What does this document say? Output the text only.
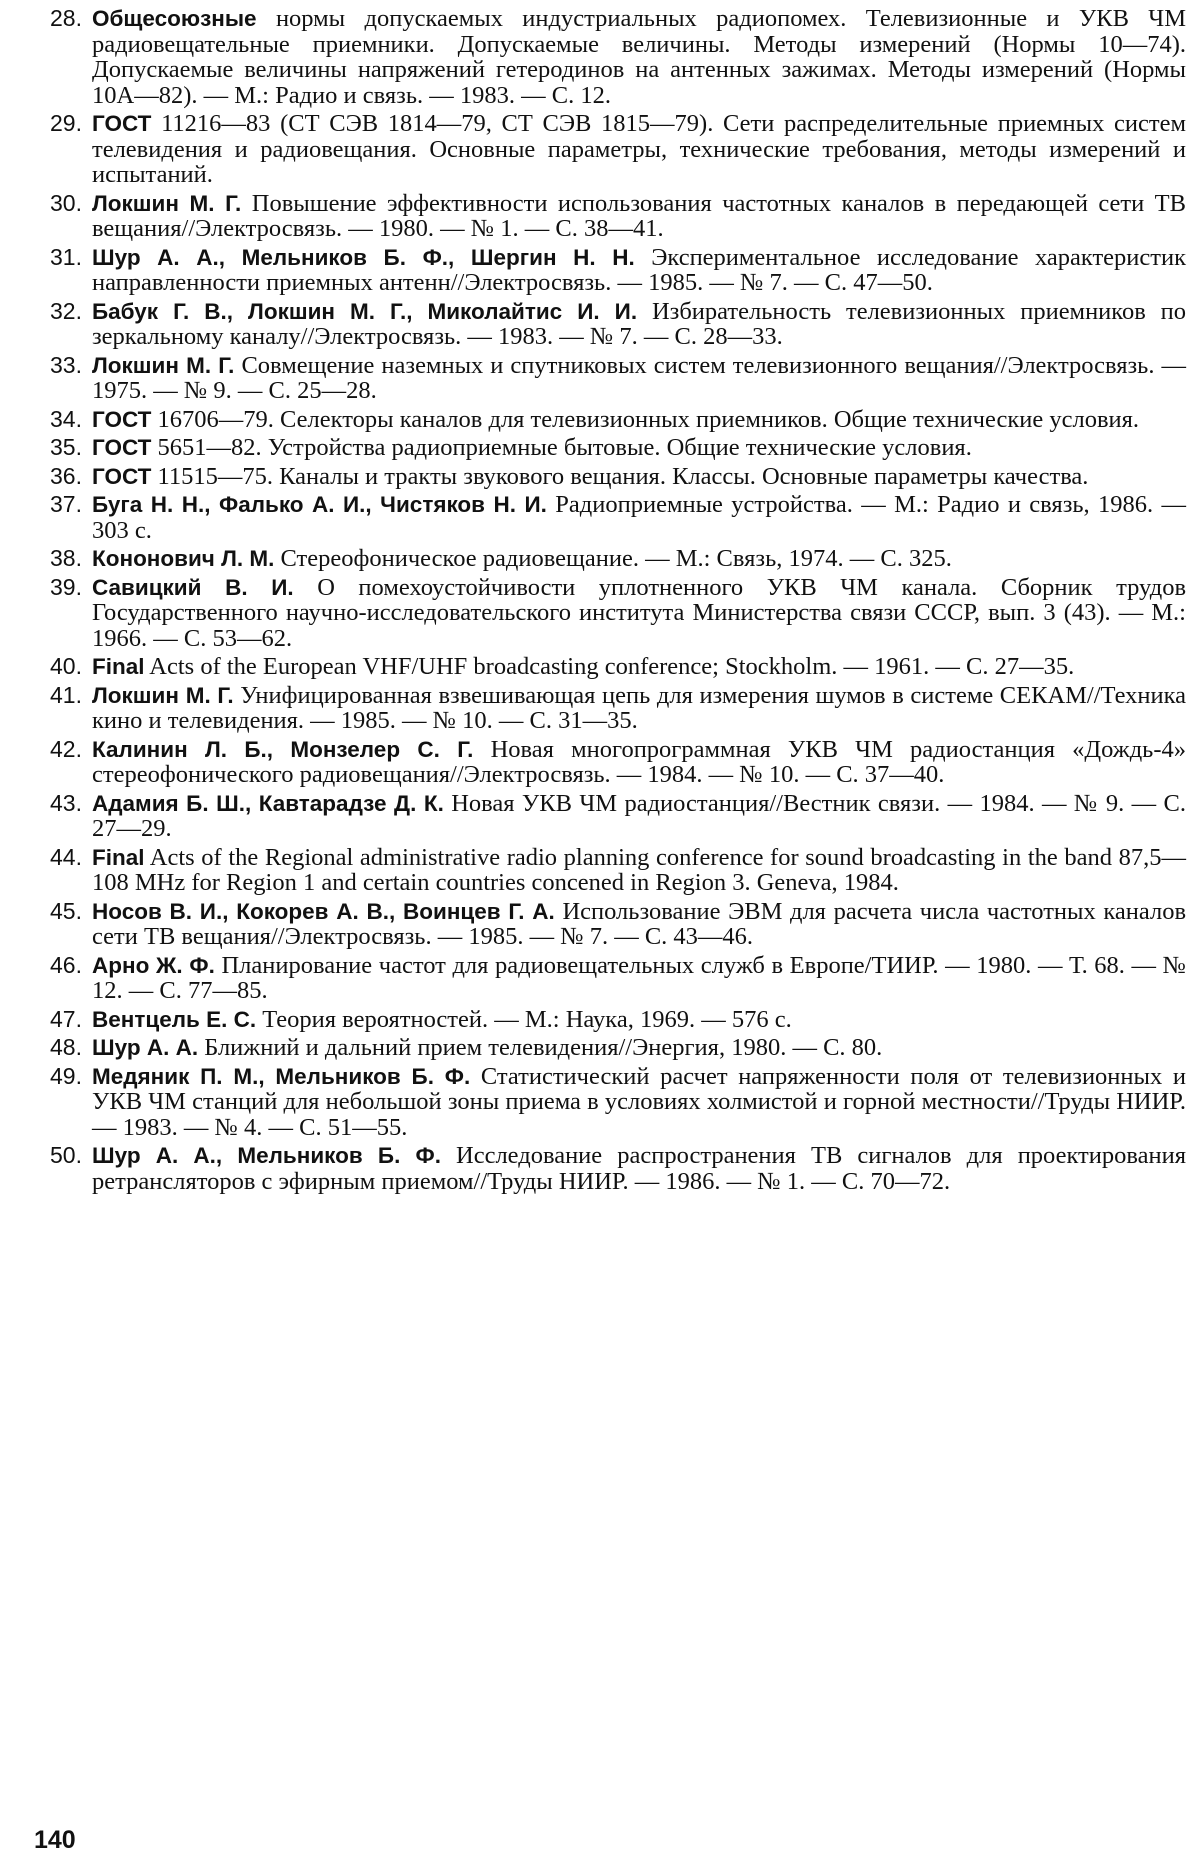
28. Общесоюзные нормы допускаемых индустриальных радиопомех. Телевизионные и УКВ ЧМ радиовещательные приемники. Допускаемые величины. Методы измерений (Нормы 10—74). Допускаемые величины напряжений гетеродинов на антенных зажимах. Методы измерений (Нормы 10А—82). — М.: Радио и связь. — 1983. — С. 12.
29. ГОСТ 11216—83 (СТ СЭВ 1814—79, СТ СЭВ 1815—79). Сети распределительные приемных систем телевидения и радиовещания. Основные параметры, технические требования, методы измерений и испытаний.
30. Локшин М. Г. Повышение эффективности использования частотных каналов в передающей сети ТВ вещания//Электросвязь. — 1980. — № 1. — С. 38—41.
31. Шур А. А., Мельников Б. Ф., Шергин Н. Н. Экспериментальное исследование характеристик направленности приемных антенн//Электросвязь. — 1985. — № 7. — С. 47—50.
32. Бабук Г. В., Локшин М. Г., Миколайтис И. И. Избирательность телевизионных приемников по зеркальному каналу//Электросвязь. — 1983. — № 7. — С. 28—33.
33. Локшин М. Г. Совмещение наземных и спутниковых систем телевизионного вещания//Электросвязь. — 1975. — № 9. — С. 25—28.
34. ГОСТ 16706—79. Селекторы каналов для телевизионных приемников. Общие технические условия.
35. ГОСТ 5651—82. Устройства радиоприемные бытовые. Общие технические условия.
36. ГОСТ 11515—75. Каналы и тракты звукового вещания. Классы. Основные параметры качества.
37. Буга Н. Н., Фалько А. И., Чистяков Н. И. Радиоприемные устройства. — М.: Радио и связь, 1986. — 303 с.
38. Кононович Л. М. Стереофоническое радиовещание. — М.: Связь, 1974. — С. 325.
39. Савицкий В. И. О помехоустойчивости уплотненного УКВ ЧМ канала. Сборник трудов Государственного научно-исследовательского института Министерства связи СССР, вып. 3 (43). — М.: 1966. — С. 53—62.
40. Final Acts of the European VHF/UHF broadcasting conference; Stockholm. — 1961. — С. 27—35.
41. Локшин М. Г. Унифицированная взвешивающая цепь для измерения шумов в системе СЕКАМ//Техника кино и телевидения. — 1985. — № 10. — С. 31—35.
42. Калинин Л. Б., Монзелер С. Г. Новая многопрограммная УКВ ЧМ радиостанция «Дождь-4» стереофонического радиовещания//Электросвязь. — 1984. — № 10. — С. 37—40.
43. Адамия Б. Ш., Кавтарадзе Д. К. Новая УКВ ЧМ радиостанция//Вестник связи. — 1984. — № 9. — С. 27—29.
44. Final Acts of the Regional administrative radio planning conference for sound broadcasting in the band 87,5—108 MHz for Region 1 and certain countries concened in Region 3. Geneva, 1984.
45. Носов В. И., Кокорев А. В., Воинцев Г. А. Использование ЭВМ для расчета числа частотных каналов сети ТВ вещания//Электросвязь. — 1985. — № 7. — С. 43—46.
46. Арно Ж. Ф. Планирование частот для радиовещательных служб в Европе/ТИИР. — 1980. — Т. 68. — № 12. — С. 77—85.
47. Вентцель Е. С. Теория вероятностей. — М.: Наука, 1969. — 576 с.
48. Шур А. А. Ближний и дальний прием телевидения//Энергия, 1980. — С. 80.
49. Медяник П. М., Мельников Б. Ф. Статистический расчет напряженности поля от телевизионных и УКВ ЧМ станций для небольшой зоны приема в условиях холмистой и горной местности//Труды НИИР. — 1983. — № 4. — С. 51—55.
50. Шур А. А., Мельников Б. Ф. Исследование распространения ТВ сигналов для проектирования ретрансляторов с эфирным приемом//Труды НИИР. — 1986. — № 1. — С. 70—72.
140
